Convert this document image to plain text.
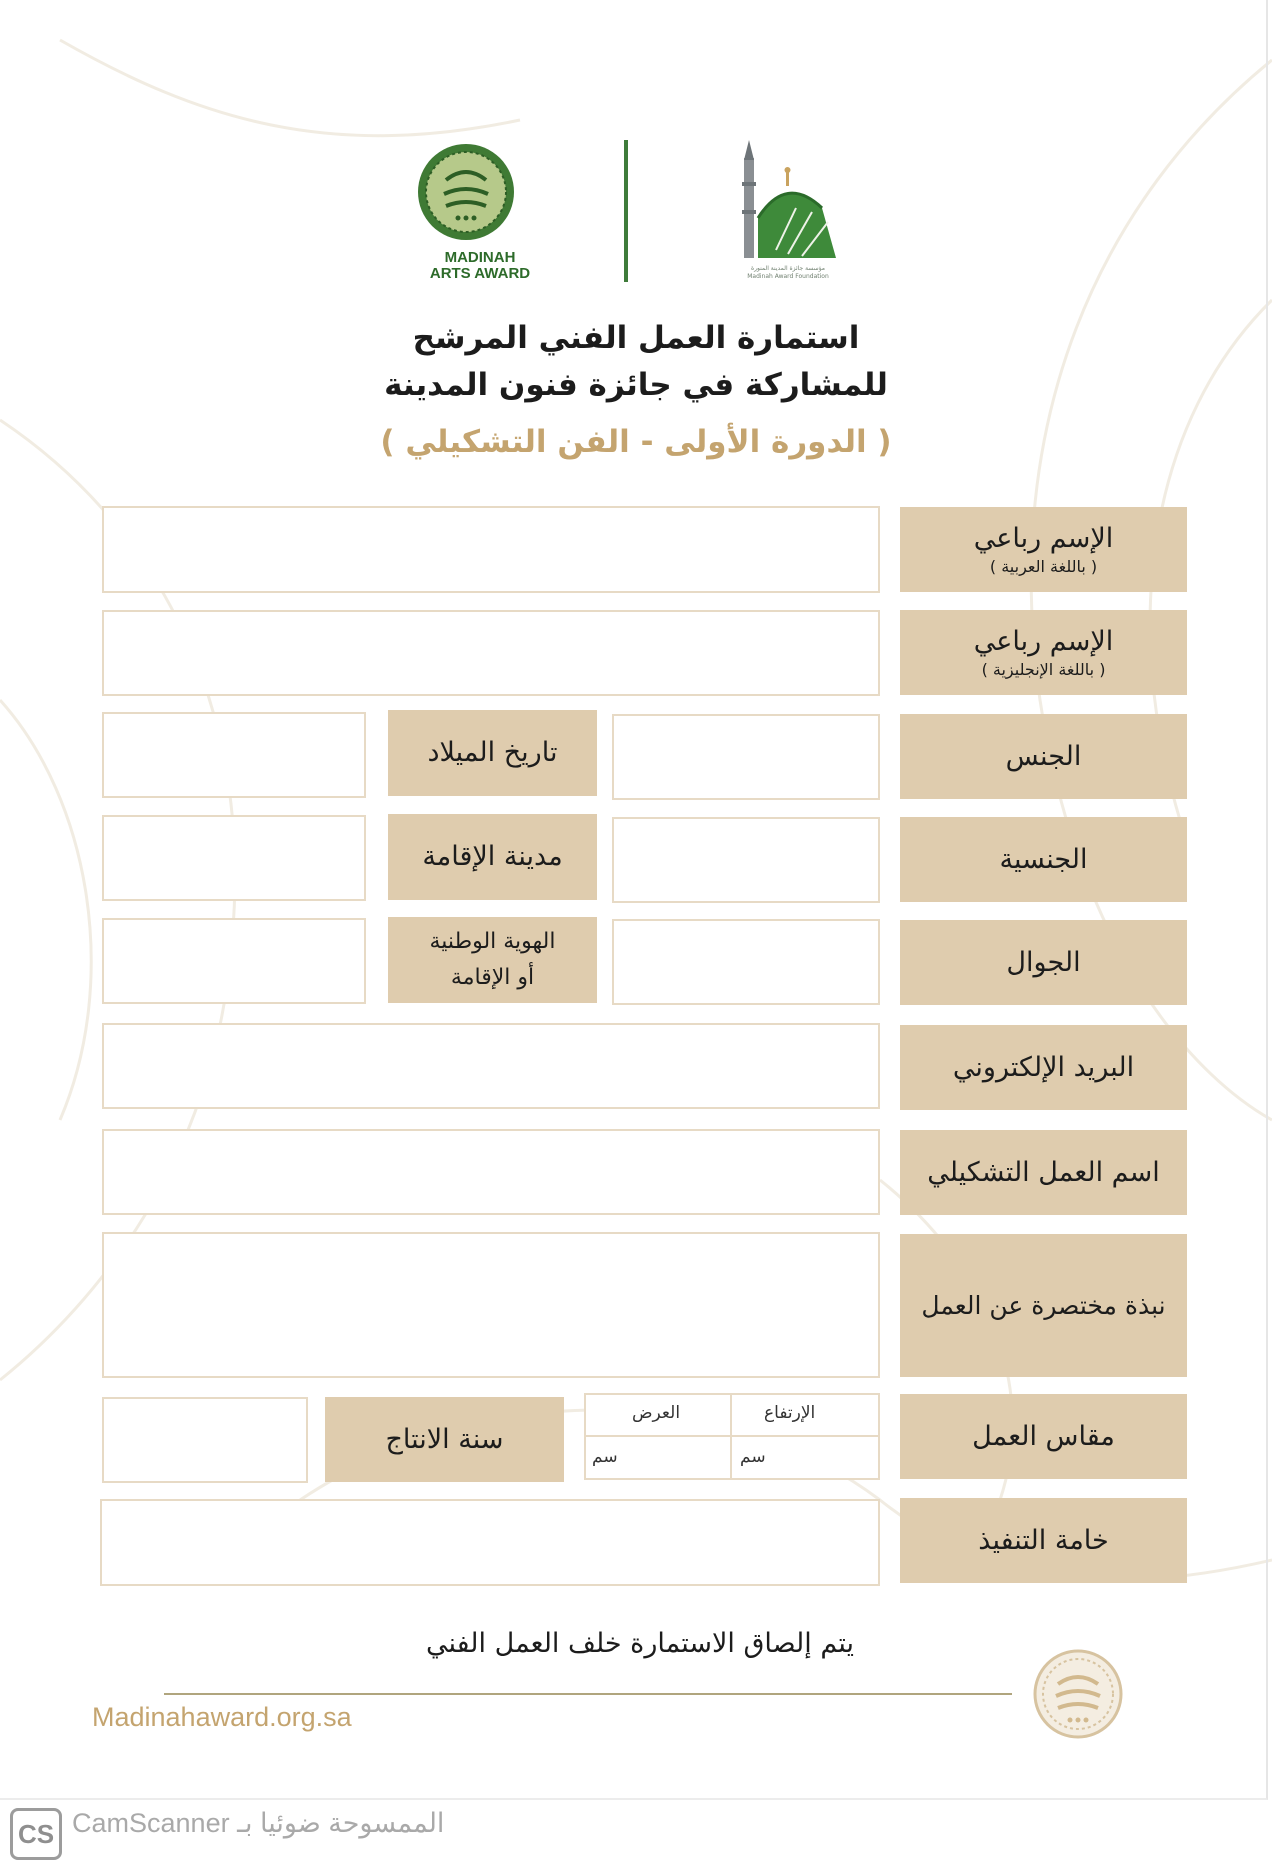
MADINAH
ARTS AWARD	مؤسسة جائزة المدينة المنورة
Madinah Award Foundation
استمارة العمل الفني المرشح
للمشاركة في جائزة فنون المدينة
( الدورة الأولى - الفن التشكيلي )
الإسم رباعي
( باللغة العربية )
الإسم رباعي
( باللغة الإنجليزية )
الجنس
تاريخ الميلاد
الجنسية
مدينة الإقامة
الجوال
الهوية الوطنية
أو الإقامة
البريد الإلكتروني
اسم العمل التشكيلي
نبذة مختصرة عن العمل
مقاس العمل
الإرتفاع
العرض
سم
سم
سنة الانتاج
خامة التنفيذ
يتم إلصاق الاستمارة خلف العمل الفني
Madinahaward.org.sa
CS CamScanner الممسوحة ضوئيا بـ
